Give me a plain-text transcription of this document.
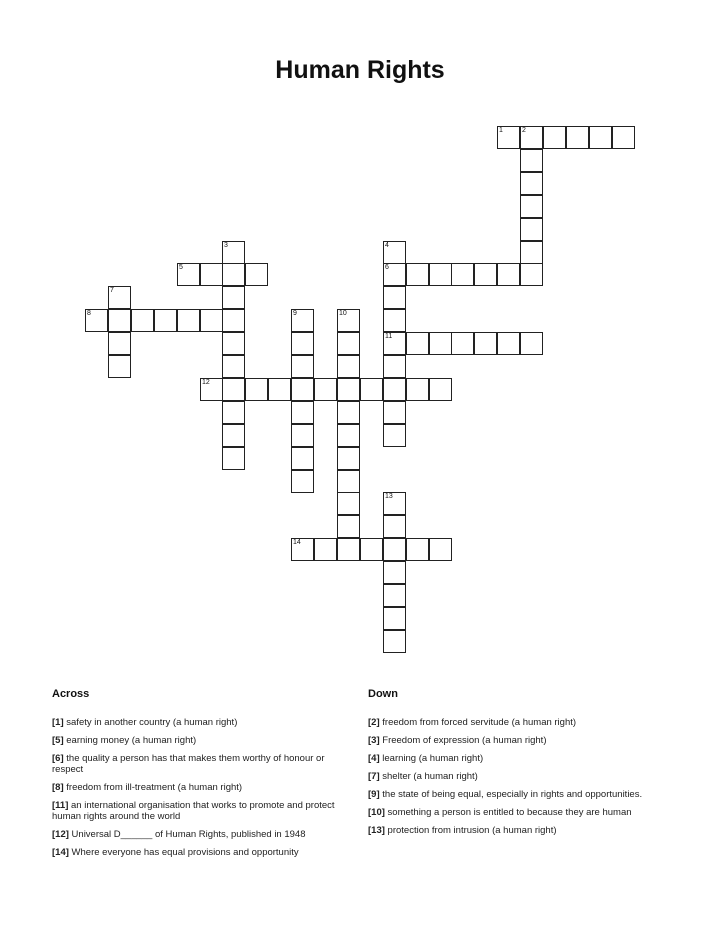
Human Rights
1	2
3	4
6
11
5
7
8	9	10
12
13
14
Across
[1] safety in another country (a human right)
[5] earning money (a human right)
[6] the quality a person has that makes them worthy of honour or respect
[8] freedom from ill-treatment (a human right)
[11] an international organisation that works to promote and protect human rights around the world
[12] Universal D______ of Human Rights, published in 1948
[14] Where everyone has equal provisions and opportunity
Down
[2] freedom from forced servitude (a human right)
[3] Freedom of expression (a human right)
[4] learning (a human right)
[7] shelter (a human right)
[9] the state of being equal, especially in rights and opportunities.
[10] something a person is entitled to because they are human
[13] protection from intrusion (a human right)
